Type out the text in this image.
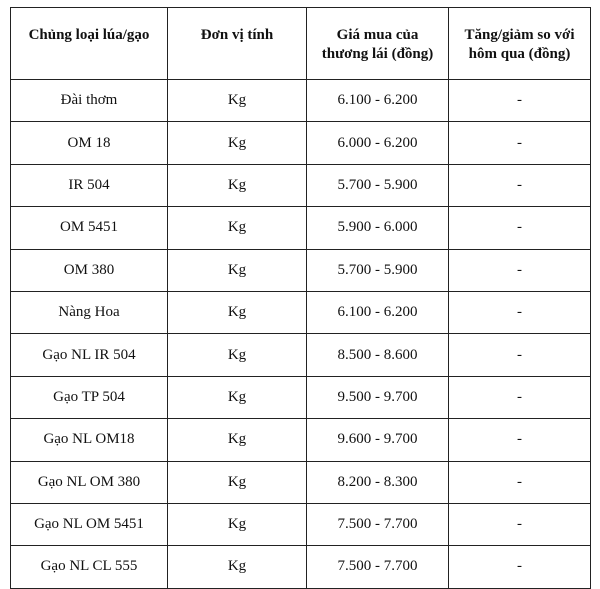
Chủng loại lúa/gạo	Đơn vị tính	Giá mua của thương lái (đồng)	Tăng/giảm so với hôm qua (đồng)
Đài thơm	Kg	6.100 - 6.200	-
OM 18	Kg	6.000 - 6.200	-
IR 504	Kg	5.700 - 5.900	-
OM 5451	Kg	5.900 - 6.000	-
OM 380	Kg	5.700 - 5.900	-
Nàng Hoa	Kg	6.100 - 6.200	-
Gạo NL IR 504	Kg	8.500 - 8.600	-
Gạo TP 504	Kg	9.500 - 9.700	-
Gạo NL OM18	Kg	9.600 - 9.700	-
Gạo NL OM 380	Kg	8.200 - 8.300	-
Gạo NL OM 5451	Kg	7.500 - 7.700	-
Gạo NL CL 555	Kg	7.500 - 7.700	-
